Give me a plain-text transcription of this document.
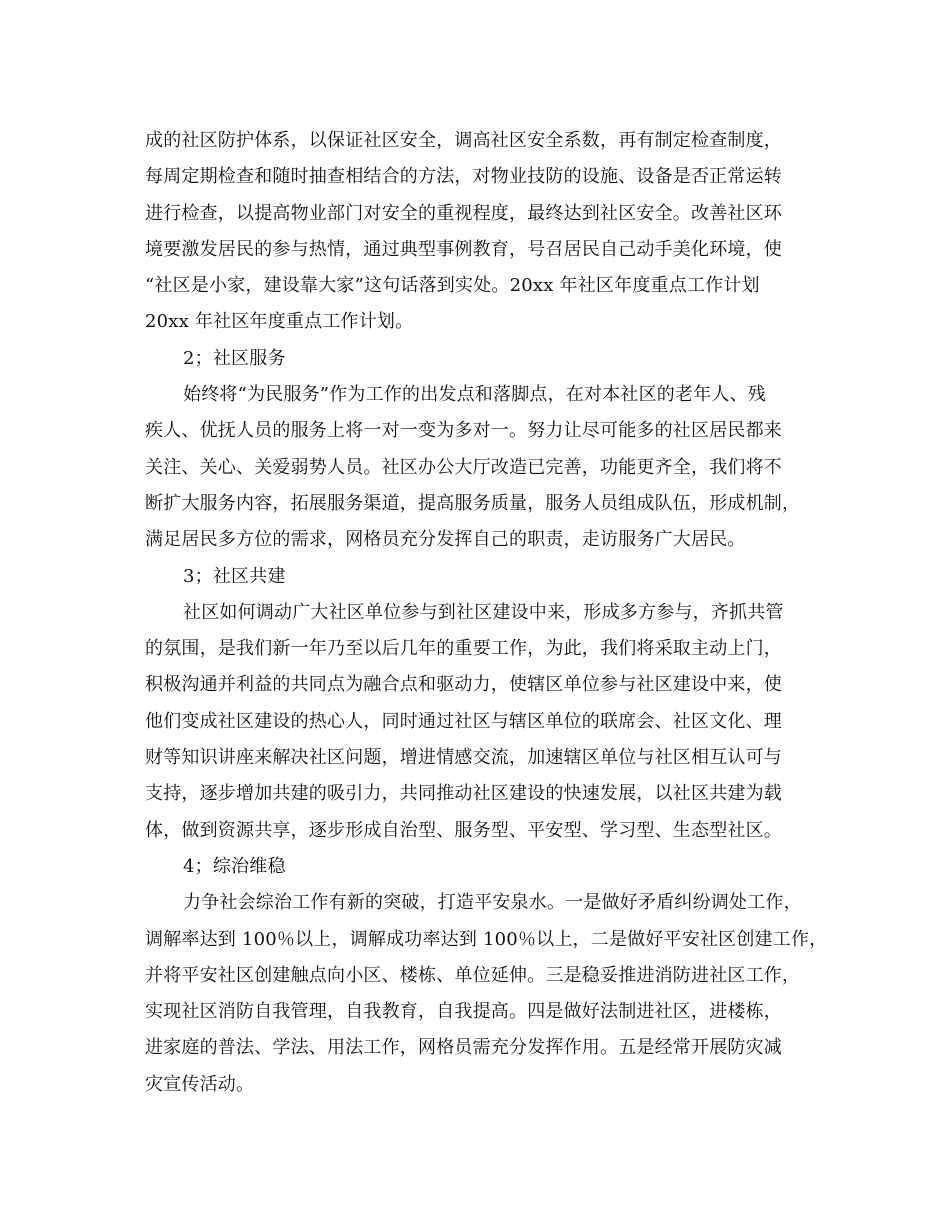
成的社区防护体系，以保证社区安全，调高社区安全系数，再有制定检查制度，
每周定期检查和随时抽查相结合的方法，对物业技防的设施、设备是否正常运转
进行检查，以提高物业部门对安全的重视程度，最终达到社区安全。改善社区环
境要激发居民的参与热情，通过典型事例教育，号召居民自己动手美化环境，使
“社区是小家，建设靠大家”这句话落到实处。20xx 年社区年度重点工作计划
20xx 年社区年度重点工作计划。
2；社区服务
始终将“为民服务”作为工作的出发点和落脚点，在对本社区的老年人、残
疾人、优抚人员的服务上将一对一变为多对一。努力让尽可能多的社区居民都来
关注、关心、关爱弱势人员。社区办公大厅改造已完善，功能更齐全，我们将不
断扩大服务内容，拓展服务渠道，提高服务质量，服务人员组成队伍，形成机制，
满足居民多方位的需求，网格员充分发挥自己的职责，走访服务广大居民。
3；社区共建
社区如何调动广大社区单位参与到社区建设中来，形成多方参与，齐抓共管
的氛围，是我们新一年乃至以后几年的重要工作，为此，我们将采取主动上门，
积极沟通并利益的共同点为融合点和驱动力，使辖区单位参与社区建设中来，使
他们变成社区建设的热心人，同时通过社区与辖区单位的联席会、社区文化、理
财等知识讲座来解决社区问题，增进情感交流，加速辖区单位与社区相互认可与
支持，逐步增加共建的吸引力，共同推动社区建设的快速发展，以社区共建为载
体，做到资源共享，逐步形成自治型、服务型、平安型、学习型、生态型社区。
4；综治维稳
力争社会综治工作有新的突破，打造平安泉水。一是做好矛盾纠纷调处工作，
调解率达到 100％以上，调解成功率达到 100％以上，二是做好平安社区创建工作，
并将平安社区创建触点向小区、楼栋、单位延伸。三是稳妥推进消防进社区工作，
实现社区消防自我管理，自我教育，自我提高。四是做好法制进社区，进楼栋，
进家庭的普法、学法、用法工作，网格员需充分发挥作用。五是经常开展防灾减
灾宣传活动。
